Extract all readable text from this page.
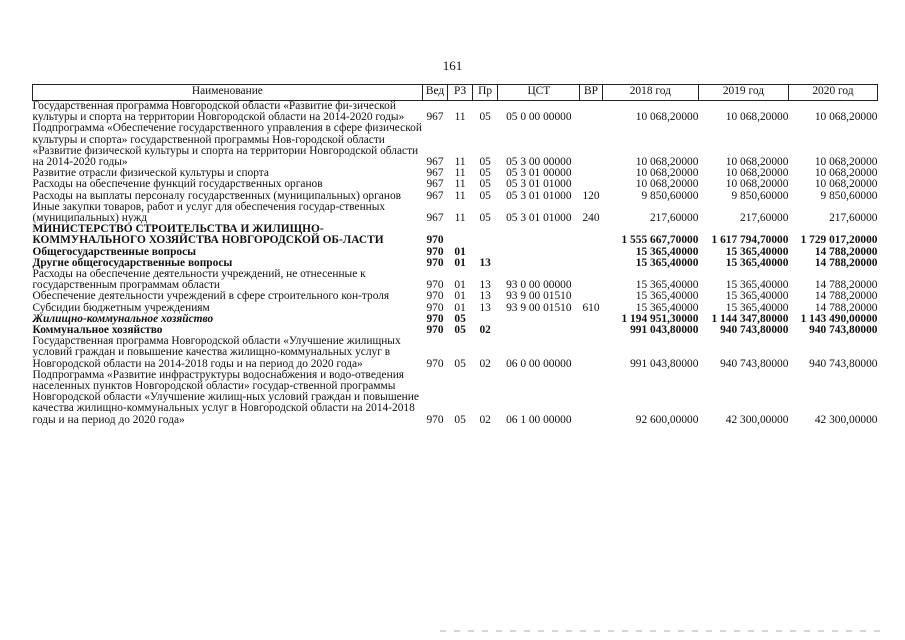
161
Наименование	Вед	РЗ	Пр	ЦСТ	ВР	2018 год	2019 год	2020 год
Государственная программа Новгородской области «Развитие фи-зической культуры и спорта на территории Новгородской области на 2014-2020 годы»	967	11	05	05 0 00 00000		10 068,20000	10 068,20000	10 068,20000
Подпрограмма «Обеспечение государственного управления в сфере физической культуры и спорта» государственной программы Нов-городской области «Развитие физической культуры и спорта на территории Новгородской области на 2014-2020 годы»	967	11	05	05 3 00 00000		10 068,20000	10 068,20000	10 068,20000
Развитие отрасли физической культуры и спорта	967	11	05	05 3 01 00000		10 068,20000	10 068,20000	10 068,20000
Расходы на обеспечение функций государственных органов	967	11	05	05 3 01 01000		10 068,20000	10 068,20000	10 068,20000
Расходы на выплаты персоналу государственных (муниципальных) органов	967	11	05	05 3 01 01000	120	9 850,60000	9 850,60000	9 850,60000
Иные закупки товаров, работ и услуг для обеспечения государ-ственных (муниципальных) нужд	967	11	05	05 3 01 01000	240	217,60000	217,60000	217,60000
МИНИСТЕРСТВО СТРОИТЕЛЬСТВА И ЖИЛИЩНО-КОММУНАЛЬНОГО ХОЗЯЙСТВА НОВГОРОДСКОЙ ОБ-ЛАСТИ	970					1 555 667,70000	1 617 794,70000	1 729 017,20000
Общегосударственные вопросы	970	01				15 365,40000	15 365,40000	14 788,20000
Другие общегосударственные вопросы	970	01	13			15 365,40000	15 365,40000	14 788,20000
Расходы на обеспечение деятельности учреждений, не отнесенные к государственным программам области	970	01	13	93 0 00 00000		15 365,40000	15 365,40000	14 788,20000
Обеспечение деятельности учреждений в сфере строительного кон-троля	970	01	13	93 9 00 01510		15 365,40000	15 365,40000	14 788,20000
Субсидии бюджетным учреждениям	970	01	13	93 9 00 01510	610	15 365,40000	15 365,40000	14 788,20000
Жилищно-коммунальное хозяйство	970	05				1 194 951,30000	1 144 347,80000	1 143 490,00000
Коммунальное хозяйство	970	05	02			991 043,80000	940 743,80000	940 743,80000
Государственная программа Новгородской области «Улучшение жилищных условий граждан и повышение качества жилищно-коммунальных услуг в Новгородской области на 2014-2018 годы и на период до 2020 года»	970	05	02	06 0 00 00000		991 043,80000	940 743,80000	940 743,80000
Подпрограмма «Развитие инфраструктуры водоснабжения и водо-отведения населенных пунктов Новгородской области» государ-ственной программы Новгородской области «Улучшение жилищ-ных условий граждан и повышение качества жилищно-коммунальных услуг в Новгородской области на 2014-2018 годы и на период до 2020 года»	970	05	02	06 1 00 00000		92 600,00000	42 300,00000	42 300,00000
